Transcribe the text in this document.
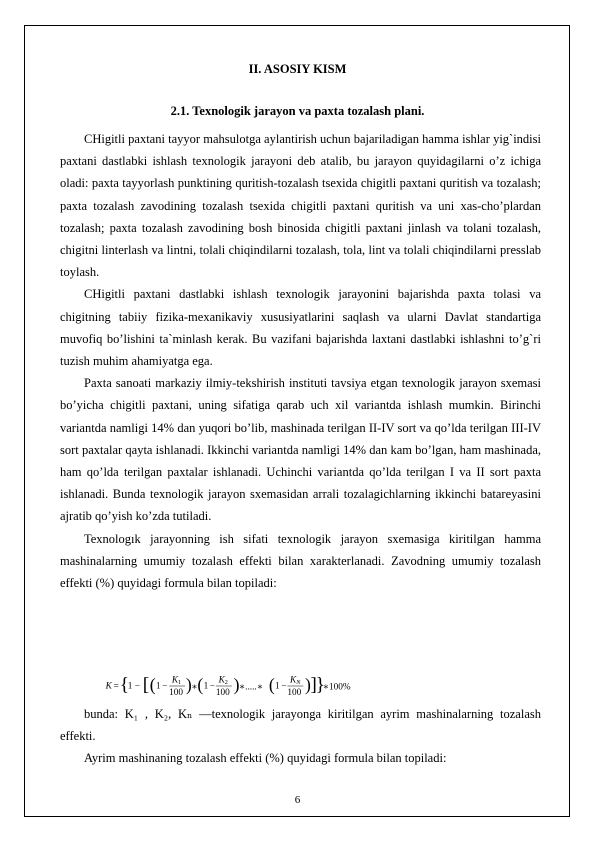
II. ASOSIY KISM
2.1. Texnologik jarayon va paxta tozalash plani.

CHigitli paxtani tayyor mahsulotga aylantirish uchun bajariladigan hamma ishlar yig`indisi paxtani dastlabki ishlash texnologik jarayoni deb atalib, bu jarayon quyidagilarni o’z ichiga oladi: paxta tayyorlash punktining quritish-tozalash tsexida chigitli paxtani quritish va tozalash; paxta tozalash zavodining tozalash tsexida chigitli paxtani quritish va uni xas-cho’plardan tozalash; paxta tozalash zavodining bosh binosida chigitli paxtani jinlash va tolani tozalash, chigitni linterlash va lintni, tolali chiqindilarni tozalash, tola, lint va tolali chiqindilarni presslab toylash.

CHigitli paxtani dastlabki ishlash texnologik jarayonini bajarishda paxta tolasi va chigitning tabiiy fizika-mexanikaviy xususiyatlarini saqlash va ularni Davlat standartiga muvofiq bo’lishini ta`minlash kerak. Bu vazifani bajarishda laxtani dastlabki ishlashni to’g`ri tuzish muhim ahamiyatga ega.

Paxta sanoati markaziy ilmiy-tekshirish instituti tavsiya etgan texnologik jarayon sxemasi bo’yicha chigitli paxtani, uning sifatiga qarab uch xil variantda ishlash mumkin. Birinchi variantda namligi 14% dan yuqori bo’lib, mashinada terilgan II-IV sort va qo’lda terilgan III-IV sort paxtalar qayta ishlanadi. Ikkinchi variantda namligi 14% dan kam bo’lgan, ham mashinada, ham qo’lda terilgan paxtalar ishlanadi. Uchinchi variantda qo’lda terilgan I va II sort paxta ishlanadi. Bunda texnologik jarayon sxemasidan arrali tozalagichlarning ikkinchi batareyasini ajratib qo’yish ko’zda tutiladi.

Texnologık jarayonning ish sifati texnologik jarayon sxemasiga kiritilgan hamma mashinalarning umumiy tozalash effekti bilan xarakterlanadi. Zavodning umumiy tozalash effekti (%) quyidagi formula bilan topiladi:

K = {
1 − [ ( 1 −
K 1
100 ) ∗ ( 1 −
K 2
100 ) ∗.....∗ ( 1 −
K N
100 ) ]
}
∗100%

bunda: K₁ , K₂, Kₙ —texnologik jarayonga kiritilgan ayrim mashinalarning tozalash effekti.

Ayrim mashinaning tozalash effekti (%) quyidagi formula bilan topiladi:

6
